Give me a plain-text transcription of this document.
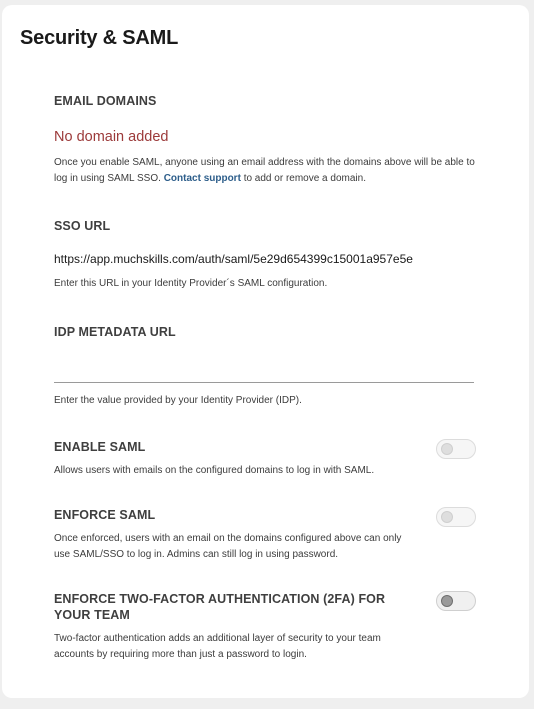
Security & SAML
EMAIL DOMAINS
No domain added
Once you enable SAML, anyone using an email address with the domains above will be able to log in using SAML SSO. Contact support to add or remove a domain.
SSO URL
https://app.muchskills.com/auth/saml/5e29d654399c15001a957e5e
Enter this URL in your Identity Provider´s SAML configuration.
IDP METADATA URL
Enter the value provided by your Identity Provider (IDP).
ENABLE SAML
Allows users with emails on the configured domains to log in with SAML.
ENFORCE SAML
Once enforced, users with an email on the domains configured above can only use SAML/SSO to log in. Admins can still log in using password.
ENFORCE TWO-FACTOR AUTHENTICATION (2FA) FOR YOUR TEAM
Two-factor authentication adds an additional layer of security to your team accounts by requiring more than just a password to login.
